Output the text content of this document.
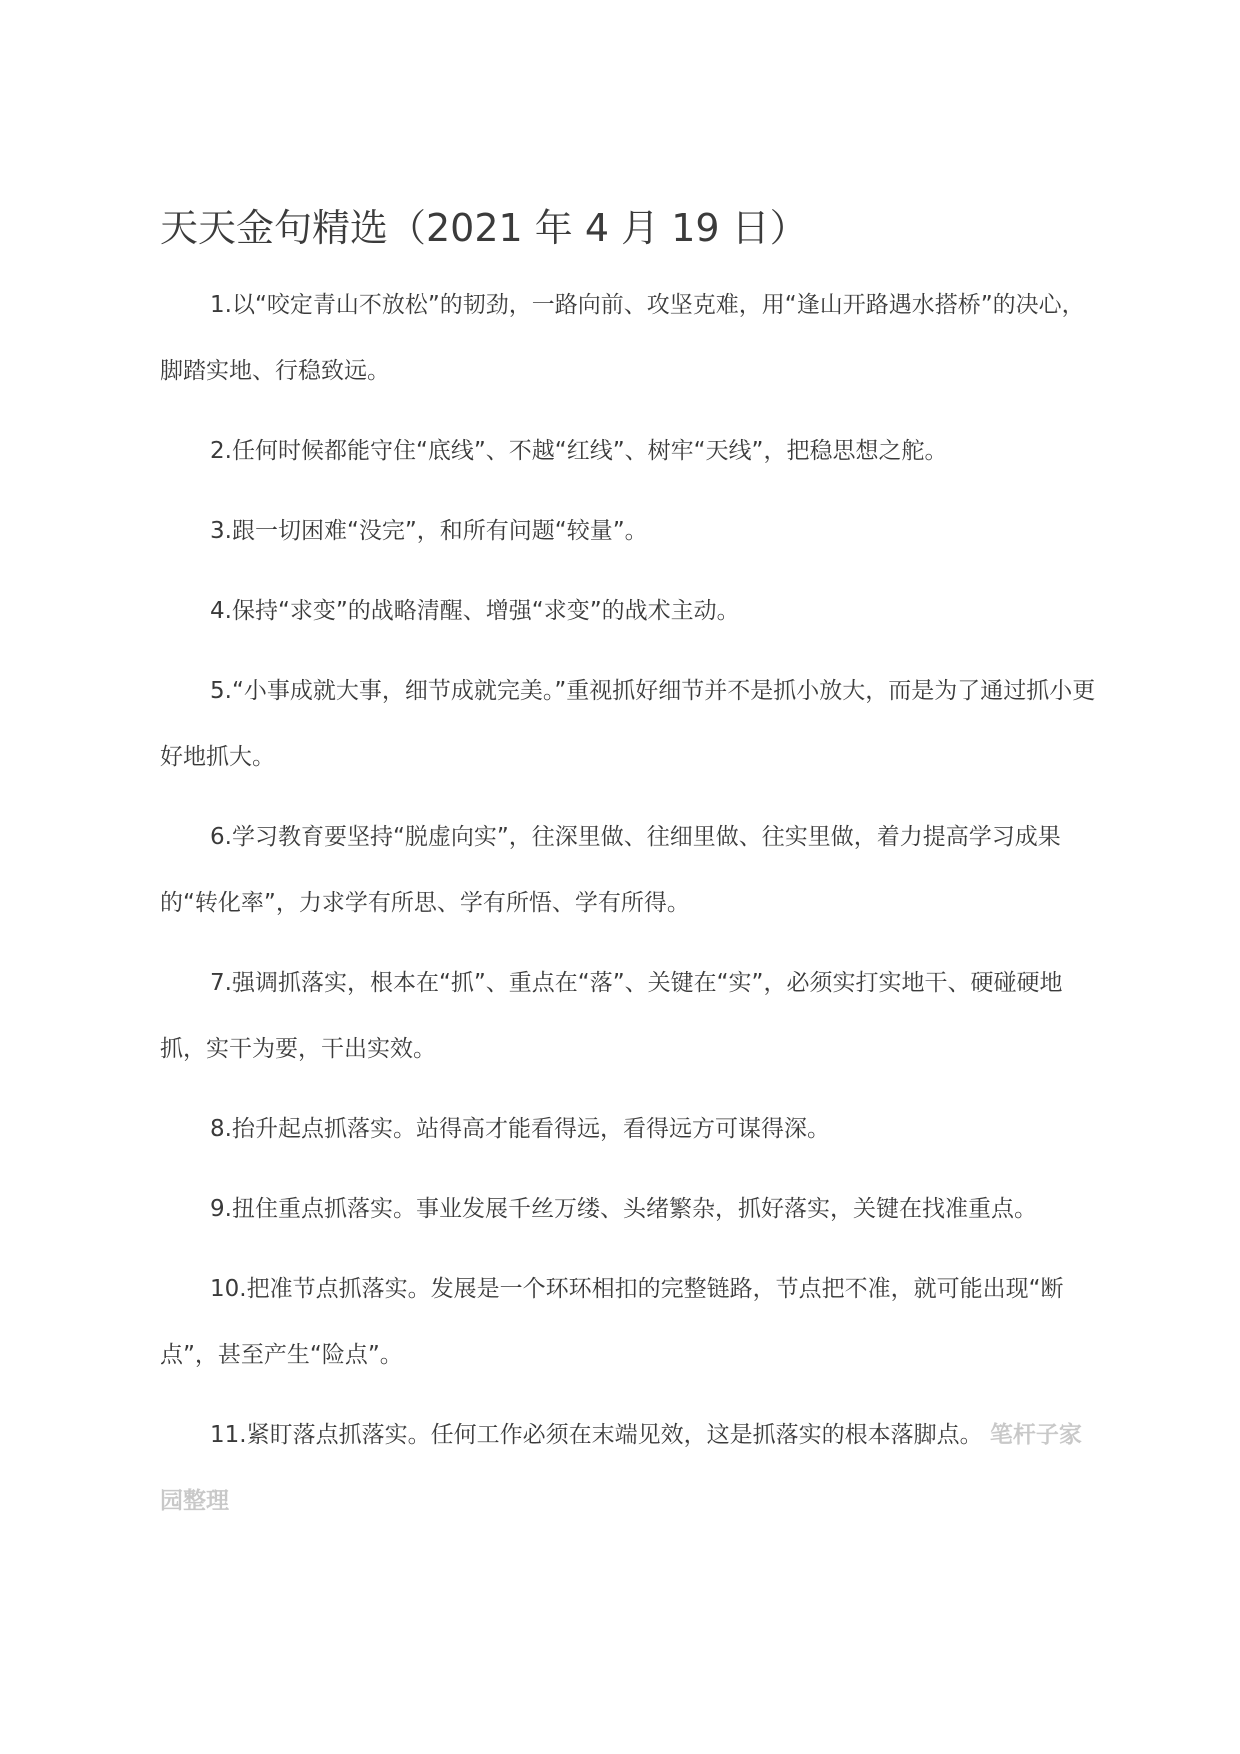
天天金句精选（2021 年 4 月 19 日）

1.以“咬定青山不放松”的韧劲，一路向前、攻坚克难，用“逢山开路遇水搭桥”的决心，脚踏实地、行稳致远。

2.任何时候都能守住“底线”、不越“红线”、树牢“天线”，把稳思想之舵。

3.跟一切困难“没完”，和所有问题“较量”。

4.保持“求变”的战略清醒、增强“求变”的战术主动。

5.“小事成就大事，细节成就完美。”重视抓好细节并不是抓小放大，而是为了通过抓小更好地抓大。

6.学习教育要坚持“脱虚向实”，往深里做、往细里做、往实里做，着力提高学习成果的“转化率”，力求学有所思、学有所悟、学有所得。

7.强调抓落实，根本在“抓”、重点在“落”、关键在“实”，必须实打实地干、硬碰硬地抓，实干为要，干出实效。

8.抬升起点抓落实。站得高才能看得远，看得远方可谋得深。

9.扭住重点抓落实。事业发展千丝万缕、头绪繁杂，抓好落实，关键在找准重点。

10.把准节点抓落实。发展是一个环环相扣的完整链路，节点把不准，就可能出现“断点”，甚至产生“险点”。

11.紧盯落点抓落实。任何工作必须在末端见效，这是抓落实的根本落脚点。 笔杆子家园整理
